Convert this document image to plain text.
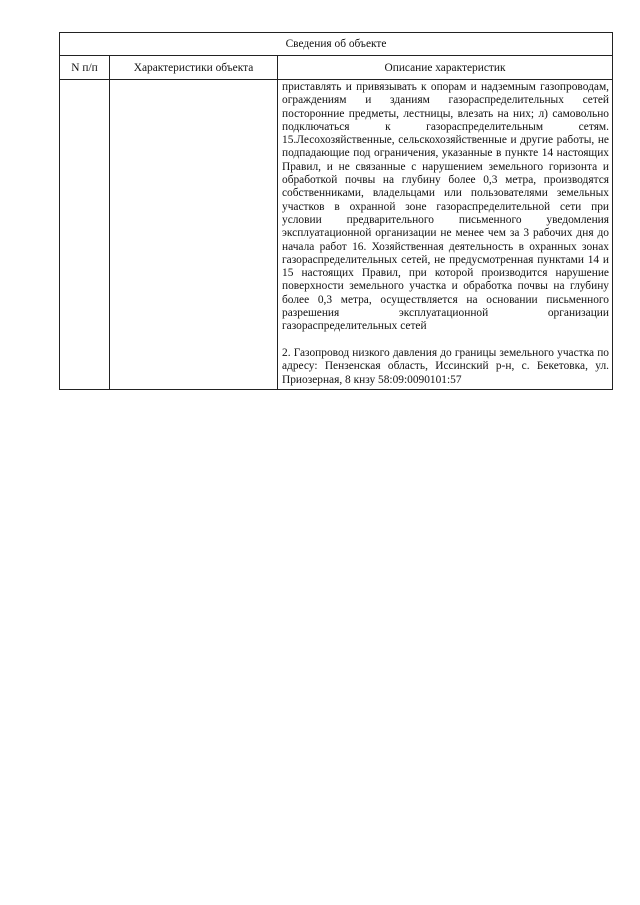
Сведения об объекте		
N п/п	Характеристики объекта	Описание характеристик

		приставлять и привязывать к опорам и надземным газопроводам, ограждениям и зданиям газораспределительных сетей посторонние предметы, лестницы, влезать на них; л) самовольно подключаться к газораспределительным сетям. 15.Лесохозяйственные, сельскохозяйственные и другие работы, не подпадающие под ограничения, указанные в пункте 14 настоящих Правил, и не связанные с нарушением земельного горизонта и обработкой почвы на глубину более 0,3 метра, производятся собственниками, владельцами или пользователями земельных участков в охранной зоне газораспределительной сети при условии предварительного письменного уведомления эксплуатационной организации не менее чем за 3 рабочих дня до начала работ 16. Хозяйственная деятельность в охранных зонах газораспределительных сетей, не предусмотренная пунктами 14 и 15 настоящих Правил, при которой производится нарушение поверхности земельного участка и обработка почвы на глубину более 0,3 метра, осуществляется на основании письменного разрешения эксплуатационной организации газораспределительных сетей

2. Газопровод низкого давления до границы земельного участка по адресу: Пензенская область, Иссинский р-н, с. Бекетовка, ул. Приозерная, 8 кнзу 58:09:0090101:57
